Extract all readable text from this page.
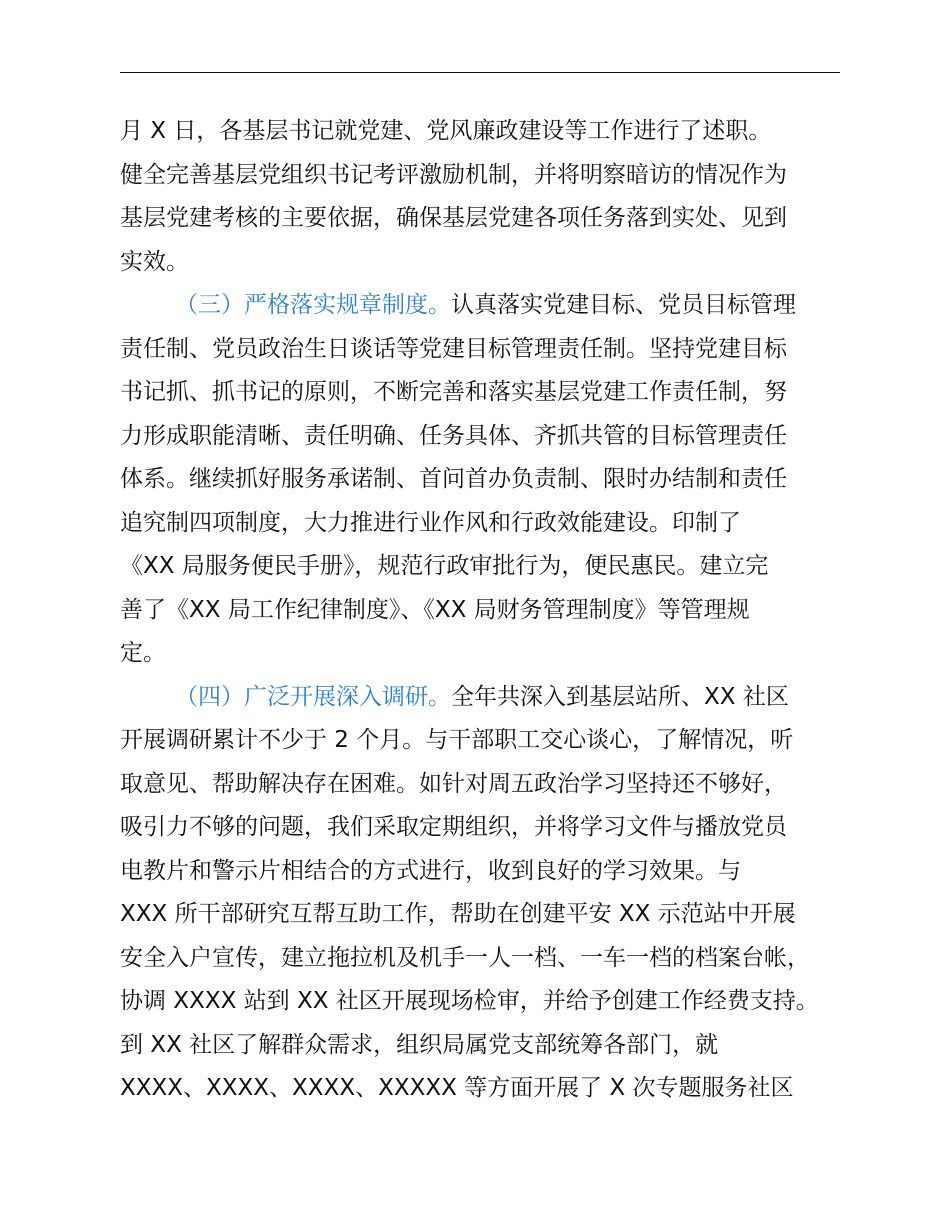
月 X 日，各基层书记就党建、党风廉政建设等工作进行了述职。
健全完善基层党组织书记考评激励机制，并将明察暗访的情况作为
基层党建考核的主要依据，确保基层党建各项任务落到实处、见到
实效。
（三）严格落实规章制度。认真落实党建目标、党员目标管理
责任制、党员政治生日谈话等党建目标管理责任制。坚持党建目标
书记抓、抓书记的原则，不断完善和落实基层党建工作责任制，努
力形成职能清晰、责任明确、任务具体、齐抓共管的目标管理责任
体系。继续抓好服务承诺制、首问首办负责制、限时办结制和责任
追究制四项制度，大力推进行业作风和行政效能建设。印制了
《XX 局服务便民手册》，规范行政审批行为，便民惠民。建立完
善了《XX 局工作纪律制度》、《XX 局财务管理制度》等管理规
定。
（四）广泛开展深入调研。全年共深入到基层站所、XX 社区
开展调研累计不少于 2 个月。与干部职工交心谈心，了解情况，听
取意见、帮助解决存在困难。如针对周五政治学习坚持还不够好，
吸引力不够的问题，我们采取定期组织，并将学习文件与播放党员
电教片和警示片相结合的方式进行，收到良好的学习效果。与
XXX 所干部研究互帮互助工作，帮助在创建平安 XX 示范站中开展
安全入户宣传，建立拖拉机及机手一人一档、一车一档的档案台帐，
协调 XXXX 站到 XX 社区开展现场检审，并给予创建工作经费支持。
到 XX 社区了解群众需求，组织局属党支部统筹各部门，就
XXXX、XXXX、XXXX、XXXXX 等方面开展了 X 次专题服务社区
